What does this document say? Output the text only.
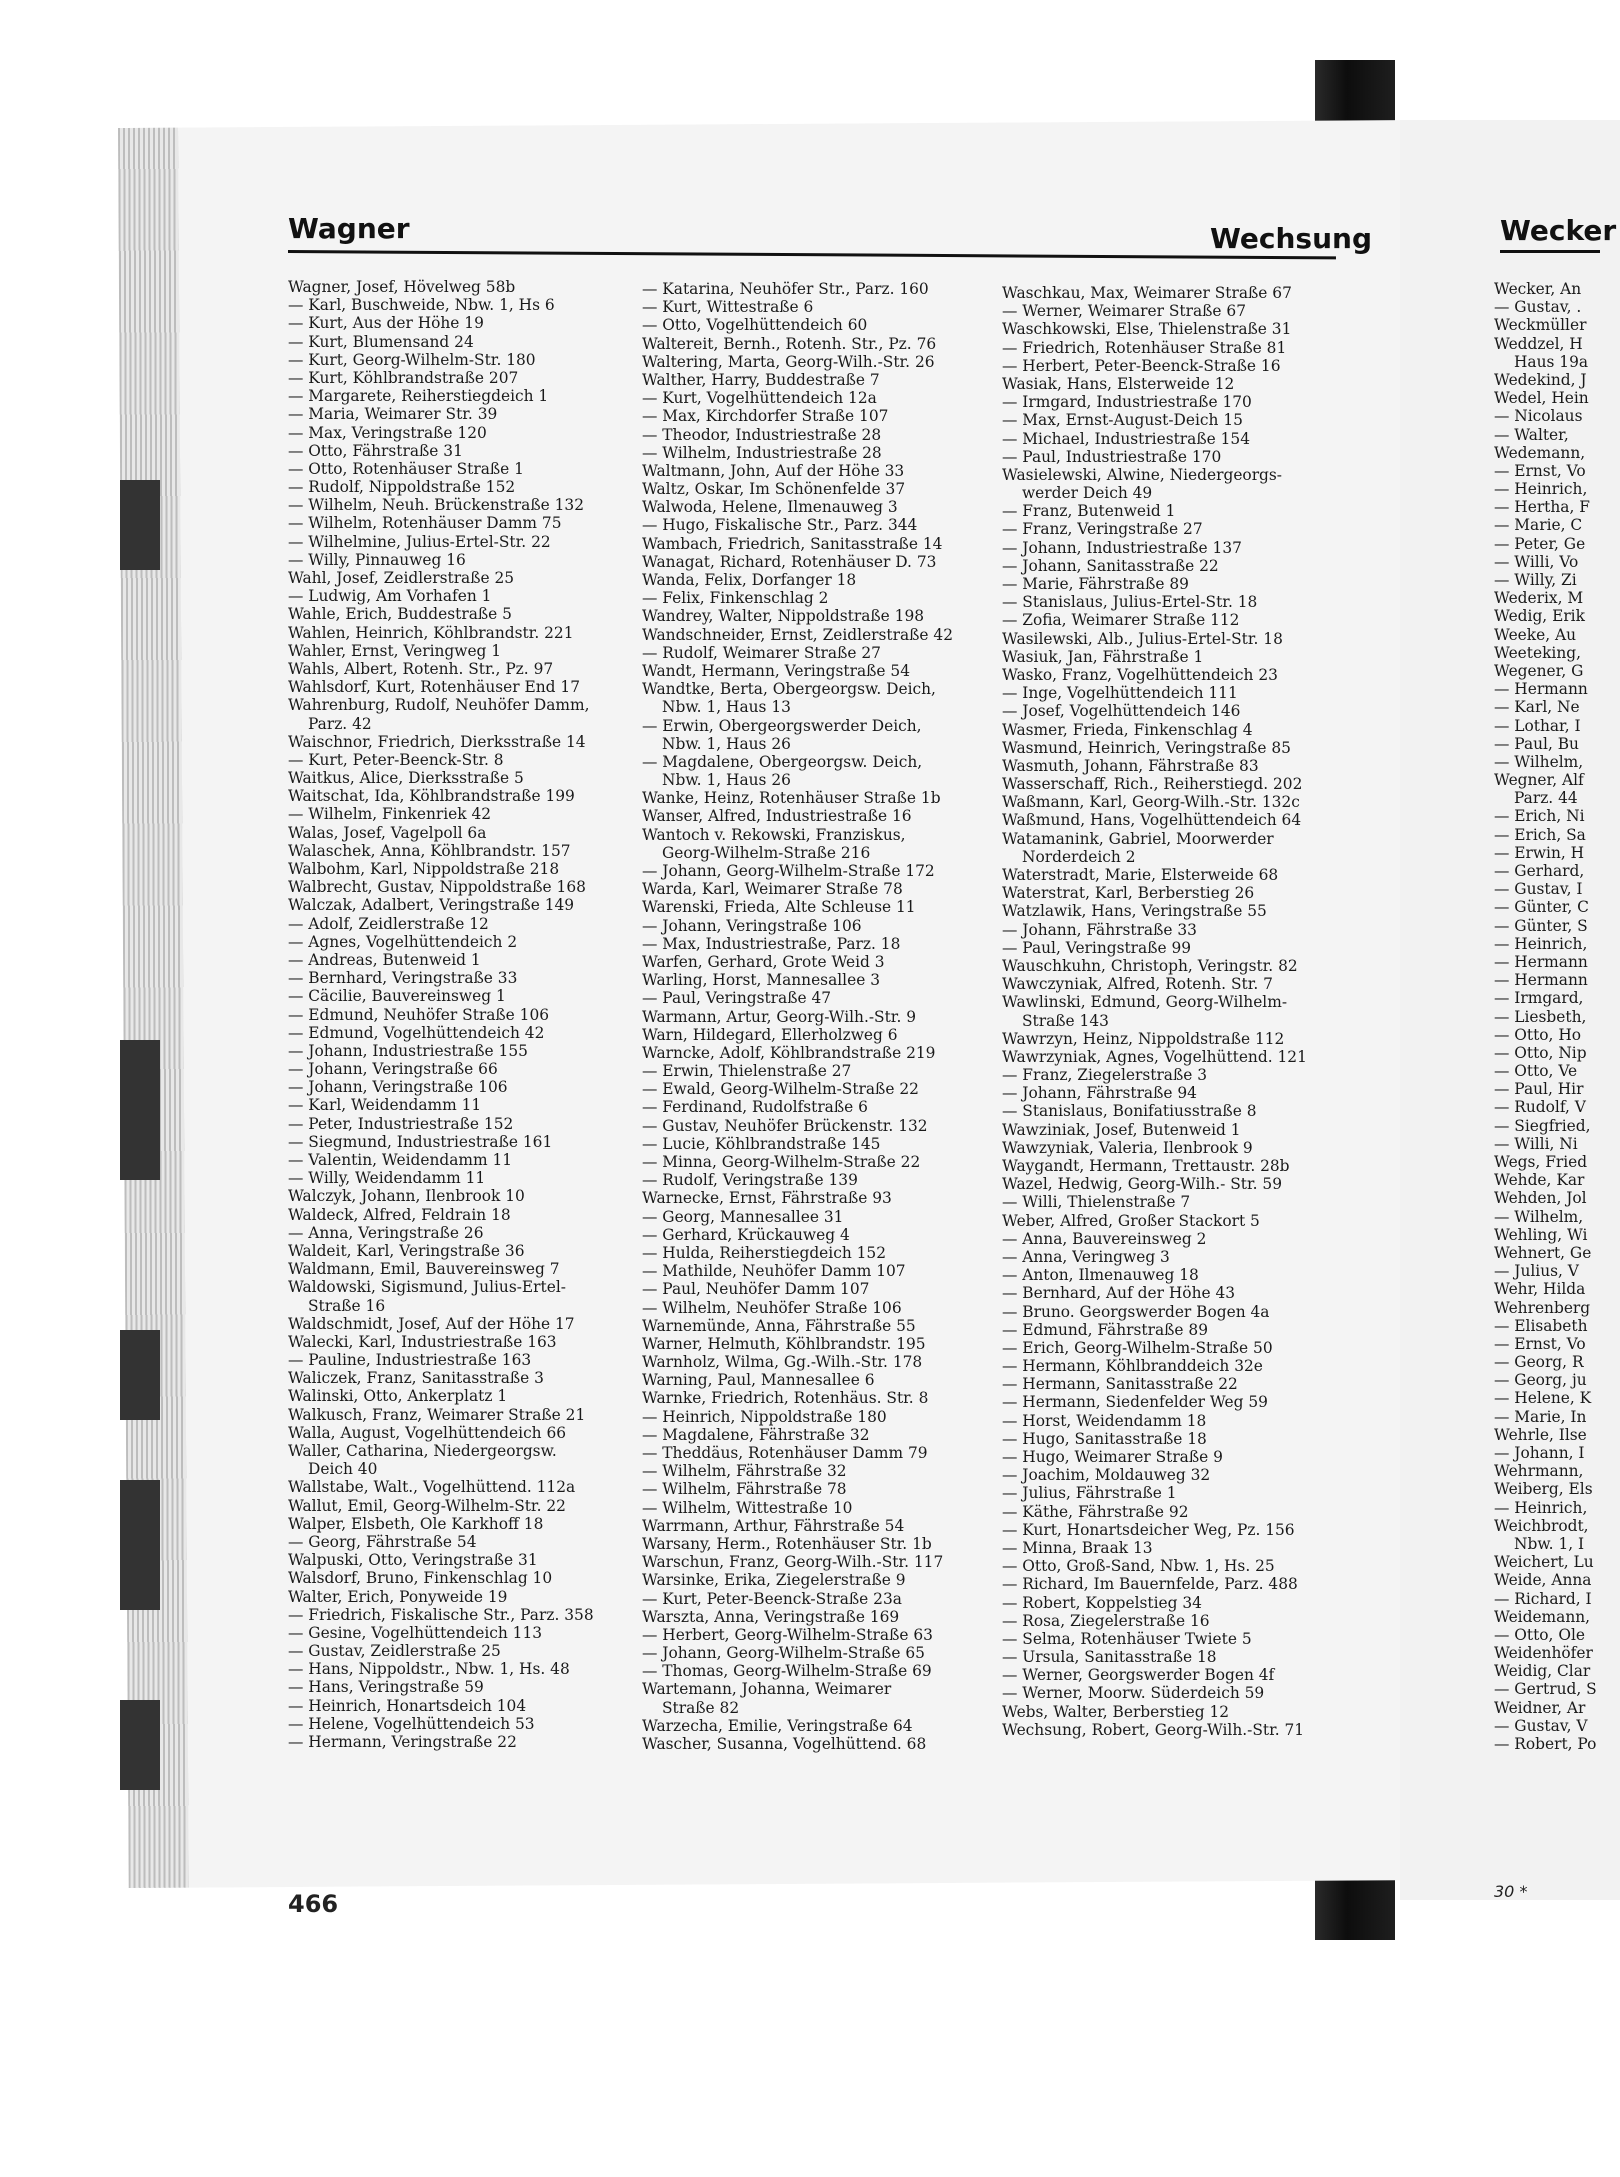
Wagner	Wechsung
Wagner, Josef, Hövelweg 58b
— Karl, Buschweide, Nbw. 1, Hs 6
— Kurt, Aus der Höhe 19
— Kurt, Blumensand 24
— Kurt, Georg-Wilhelm-Str. 180
— Kurt, Köhlbrandstraße 207
— Margarete, Reiherstiegdeich 1
— Maria, Weimarer Str. 39
— Max, Veringstraße 120
— Otto, Fährstraße 31
— Otto, Rotenhäuser Straße 1
— Rudolf, Nippoldstraße 152
— Wilhelm, Neuh. Brückenstraße 132
— Wilhelm, Rotenhäuser Damm 75
— Wilhelmine, Julius-Ertel-Str. 22
— Willy, Pinnauweg 16
Wahl, Josef, Zeidlerstraße 25
— Ludwig, Am Vorhafen 1
Wahle, Erich, Buddestraße 5
Wahlen, Heinrich, Köhlbrandstr. 221
Wahler, Ernst, Veringweg 1
Wahls, Albert, Rotenh. Str., Pz. 97
Wahlsdorf, Kurt, Rotenhäuser End 17
Wahrenburg, Rudolf, Neuhöfer Damm,
Parz. 42
Waischnor, Friedrich, Dierksstraße 14
— Kurt, Peter-Beenck-Str. 8
Waitkus, Alice, Dierksstraße 5
Waitschat, Ida, Köhlbrandstraße 199
— Wilhelm, Finkenriek 42
Walas, Josef, Vagelpoll 6a
Walaschek, Anna, Köhlbrandstr. 157
Walbohm, Karl, Nippoldstraße 218
Walbrecht, Gustav, Nippoldstraße 168
Walczak, Adalbert, Veringstraße 149
— Adolf, Zeidlerstraße 12
— Agnes, Vogelhüttendeich 2
— Andreas, Butenweid 1
— Bernhard, Veringstraße 33
— Cäcilie, Bauvereinsweg 1
— Edmund, Neuhöfer Straße 106
— Edmund, Vogelhüttendeich 42
— Johann, Industriestraße 155
— Johann, Veringstraße 66
— Johann, Veringstraße 106
— Karl, Weidendamm 11
— Peter, Industriestraße 152
— Siegmund, Industriestraße 161
— Valentin, Weidendamm 11
— Willy, Weidendamm 11
Walczyk, Johann, Ilenbrook 10
Waldeck, Alfred, Feldrain 18
— Anna, Veringstraße 26
Waldeit, Karl, Veringstraße 36
Waldmann, Emil, Bauvereinsweg 7
Waldowski, Sigismund, Julius-Ertel-
Straße 16
Waldschmidt, Josef, Auf der Höhe 17
Walecki, Karl, Industriestraße 163
— Pauline, Industriestraße 163
Waliczek, Franz, Sanitasstraße 3
Walinski, Otto, Ankerplatz 1
Walkusch, Franz, Weimarer Straße 21
Walla, August, Vogelhüttendeich 66
Waller, Catharina, Niedergeorgsw.
Deich 40
Wallstabe, Walt., Vogelhüttend. 112a
Wallut, Emil, Georg-Wilhelm-Str. 22
Walper, Elsbeth, Ole Karkhoff 18
— Georg, Fährstraße 54
Walpuski, Otto, Veringstraße 31
Walsdorf, Bruno, Finkenschlag 10
Walter, Erich, Ponyweide 19
— Friedrich, Fiskalische Str., Parz. 358
— Gesine, Vogelhüttendeich 113
— Gustav, Zeidlerstraße 25
— Hans, Nippoldstr., Nbw. 1, Hs. 48
— Hans, Veringstraße 59
— Heinrich, Honartsdeich 104
— Helene, Vogelhüttendeich 53
— Hermann, Veringstraße 22
— Katarina, Neuhöfer Str., Parz. 160
— Kurt, Wittestraße 6
— Otto, Vogelhüttendeich 60
Waltereit, Bernh., Rotenh. Str., Pz. 76
Waltering, Marta, Georg-Wilh.-Str. 26
Walther, Harry, Buddestraße 7
— Kurt, Vogelhüttendeich 12a
— Max, Kirchdorfer Straße 107
— Theodor, Industriestraße 28
— Wilhelm, Industriestraße 28
Waltmann, John, Auf der Höhe 33
Waltz, Oskar, Im Schönenfelde 37
Walwoda, Helene, Ilmenauweg 3
— Hugo, Fiskalische Str., Parz. 344
Wambach, Friedrich, Sanitasstraße 14
Wanagat, Richard, Rotenhäuser D. 73
Wanda, Felix, Dorfanger 18
— Felix, Finkenschlag 2
Wandrey, Walter, Nippoldstraße 198
Wandschneider, Ernst, Zeidlerstraße 42
— Rudolf, Weimarer Straße 27
Wandt, Hermann, Veringstraße 54
Wandtke, Berta, Obergeorgsw. Deich,
Nbw. 1, Haus 13
— Erwin, Obergeorgswerder Deich,
Nbw. 1, Haus 26
— Magdalene, Obergeorgsw. Deich,
Nbw. 1, Haus 26
Wanke, Heinz, Rotenhäuser Straße 1b
Wanser, Alfred, Industriestraße 16
Wantoch v. Rekowski, Franziskus,
Georg-Wilhelm-Straße 216
— Johann, Georg-Wilhelm-Straße 172
Warda, Karl, Weimarer Straße 78
Warenski, Frieda, Alte Schleuse 11
— Johann, Veringstraße 106
— Max, Industriestraße, Parz. 18
Warfen, Gerhard, Grote Weid 3
Warling, Horst, Mannesallee 3
— Paul, Veringstraße 47
Warmann, Artur, Georg-Wilh.-Str. 9
Warn, Hildegard, Ellerholzweg 6
Warncke, Adolf, Köhlbrandstraße 219
— Erwin, Thielenstraße 27
— Ewald, Georg-Wilhelm-Straße 22
— Ferdinand, Rudolfstraße 6
— Gustav, Neuhöfer Brückenstr. 132
— Lucie, Köhlbrandstraße 145
— Minna, Georg-Wilhelm-Straße 22
— Rudolf, Veringstraße 139
Warnecke, Ernst, Fährstraße 93
— Georg, Mannesallee 31
— Gerhard, Krückauweg 4
— Hulda, Reiherstiegdeich 152
— Mathilde, Neuhöfer Damm 107
— Paul, Neuhöfer Damm 107
— Wilhelm, Neuhöfer Straße 106
Warnemünde, Anna, Fährstraße 55
Warner, Helmuth, Köhlbrandstr. 195
Warnholz, Wilma, Gg.-Wilh.-Str. 178
Warning, Paul, Mannesallee 6
Warnke, Friedrich, Rotenhäus. Str. 8
— Heinrich, Nippoldstraße 180
— Magdalene, Fährstraße 32
— Theddäus, Rotenhäuser Damm 79
— Wilhelm, Fährstraße 32
— Wilhelm, Fährstraße 78
— Wilhelm, Wittestraße 10
Warrmann, Arthur, Fährstraße 54
Warsany, Herm., Rotenhäuser Str. 1b
Warschun, Franz, Georg-Wilh.-Str. 117
Warsinke, Erika, Ziegelerstraße 9
— Kurt, Peter-Beenck-Straße 23a
Warszta, Anna, Veringstraße 169
— Herbert, Georg-Wilhelm-Straße 63
— Johann, Georg-Wilhelm-Straße 65
— Thomas, Georg-Wilhelm-Straße 69
Wartemann, Johanna, Weimarer
Straße 82
Warzecha, Emilie, Veringstraße 64
Wascher, Susanna, Vogelhüttend. 68
Waschkau, Max, Weimarer Straße 67
— Werner, Weimarer Straße 67
Waschkowski, Else, Thielenstraße 31
— Friedrich, Rotenhäuser Straße 81
— Herbert, Peter-Beenck-Straße 16
Wasiak, Hans, Elsterweide 12
— Irmgard, Industriestraße 170
— Max, Ernst-August-Deich 15
— Michael, Industriestraße 154
— Paul, Industriestraße 170
Wasielewski, Alwine, Niedergeorgs-
werder Deich 49
— Franz, Butenweid 1
— Franz, Veringstraße 27
— Johann, Industriestraße 137
— Johann, Sanitasstraße 22
— Marie, Fährstraße 89
— Stanislaus, Julius-Ertel-Str. 18
— Zofia, Weimarer Straße 112
Wasilewski, Alb., Julius-Ertel-Str. 18
Wasiuk, Jan, Fährstraße 1
Wasko, Franz, Vogelhüttendeich 23
— Inge, Vogelhüttendeich 111
— Josef, Vogelhüttendeich 146
Wasmer, Frieda, Finkenschlag 4
Wasmund, Heinrich, Veringstraße 85
Wasmuth, Johann, Fährstraße 83
Wasserschaff, Rich., Reiherstiegd. 202
Waßmann, Karl, Georg-Wilh.-Str. 132c
Waßmund, Hans, Vogelhüttendeich 64
Watamanink, Gabriel, Moorwerder
Norderdeich 2
Waterstradt, Marie, Elsterweide 68
Waterstrat, Karl, Berberstieg 26
Watzlawik, Hans, Veringstraße 55
— Johann, Fährstraße 33
— Paul, Veringstraße 99
Wauschkuhn, Christoph, Veringstr. 82
Wawczyniak, Alfred, Rotenh. Str. 7
Wawlinski, Edmund, Georg-Wilhelm-
Straße 143
Wawrzyn, Heinz, Nippoldstraße 112
Wawrzyniak, Agnes, Vogelhüttend. 121
— Franz, Ziegelerstraße 3
— Johann, Fährstraße 94
— Stanislaus, Bonifatiusstraße 8
Wawziniak, Josef, Butenweid 1
Wawzyniak, Valeria, Ilenbrook 9
Waygandt, Hermann, Trettaustr. 28b
Wazel, Hedwig, Georg-Wilh.- Str. 59
— Willi, Thielenstraße 7
Weber, Alfred, Großer Stackort 5
— Anna, Bauvereinsweg 2
— Anna, Veringweg 3
— Anton, Ilmenauweg 18
— Bernhard, Auf der Höhe 43
— Bruno. Georgswerder Bogen 4a
— Edmund, Fährstraße 89
— Erich, Georg-Wilhelm-Straße 50
— Hermann, Köhlbranddeich 32e
— Hermann, Sanitasstraße 22
— Hermann, Siedenfelder Weg 59
— Horst, Weidendamm 18
— Hugo, Sanitasstraße 18
— Hugo, Weimarer Straße 9
— Joachim, Moldauweg 32
— Julius, Fährstraße 1
— Käthe, Fährstraße 92
— Kurt, Honartsdeicher Weg, Pz. 156
— Minna, Braak 13
— Otto, Groß-Sand, Nbw. 1, Hs. 25
— Richard, Im Bauernfelde, Parz. 488
— Robert, Koppelstieg 34
— Rosa, Ziegelerstraße 16
— Selma, Rotenhäuser Twiete 5
— Ursula, Sanitasstraße 18
— Werner, Georgswerder Bogen 4f
— Werner, Moorw. Süderdeich 59
Webs, Walter, Berberstieg 12
Wechsung, Robert, Georg-Wilh.-Str. 71
466
Wecker
Wecker, An
— Gustav, .
Weckmüller
Weddzel, H
Haus 19a
Wedekind, J
Wedel, Hein
— Nicolaus
— Walter,
Wedemann,
— Ernst, Vo
— Heinrich,
— Hertha, F
— Marie, C
— Peter, Ge
— Willi, Vo
— Willy, Zi
Wederix, M
Wedig, Erik
Weeke, Au
Weeteking,
Wegener, G
— Hermann
— Karl, Ne
— Lothar, I
— Paul, Bu
— Wilhelm,
Wegner, Alf
Parz. 44
— Erich, Ni
— Erich, Sa
— Erwin, H
— Gerhard,
— Gustav, I
— Günter, C
— Günter, S
— Heinrich,
— Hermann
— Hermann
— Irmgard,
— Liesbeth,
— Otto, Ho
— Otto, Nip
— Otto, Ve
— Paul, Hir
— Rudolf, V
— Siegfried,
— Willi, Ni
Wegs, Fried
Wehde, Kar
Wehden, Jol
— Wilhelm,
Wehling, Wi
Wehnert, Ge
— Julius, V
Wehr, Hilda
Wehrenberg
— Elisabeth
— Ernst, Vo
— Georg, R
— Georg, ju
— Helene, K
— Marie, In
Wehrle, Ilse
— Johann, I
Wehrmann,
Weiberg, Els
— Heinrich,
Weichbrodt,
Nbw. 1, I
Weichert, Lu
Weide, Anna
— Richard, I
Weidemann,
— Otto, Ole
Weidenhöfer
Weidig, Clar
— Gertrud, S
Weidner, Ar
— Gustav, V
— Robert, Po
30 *
